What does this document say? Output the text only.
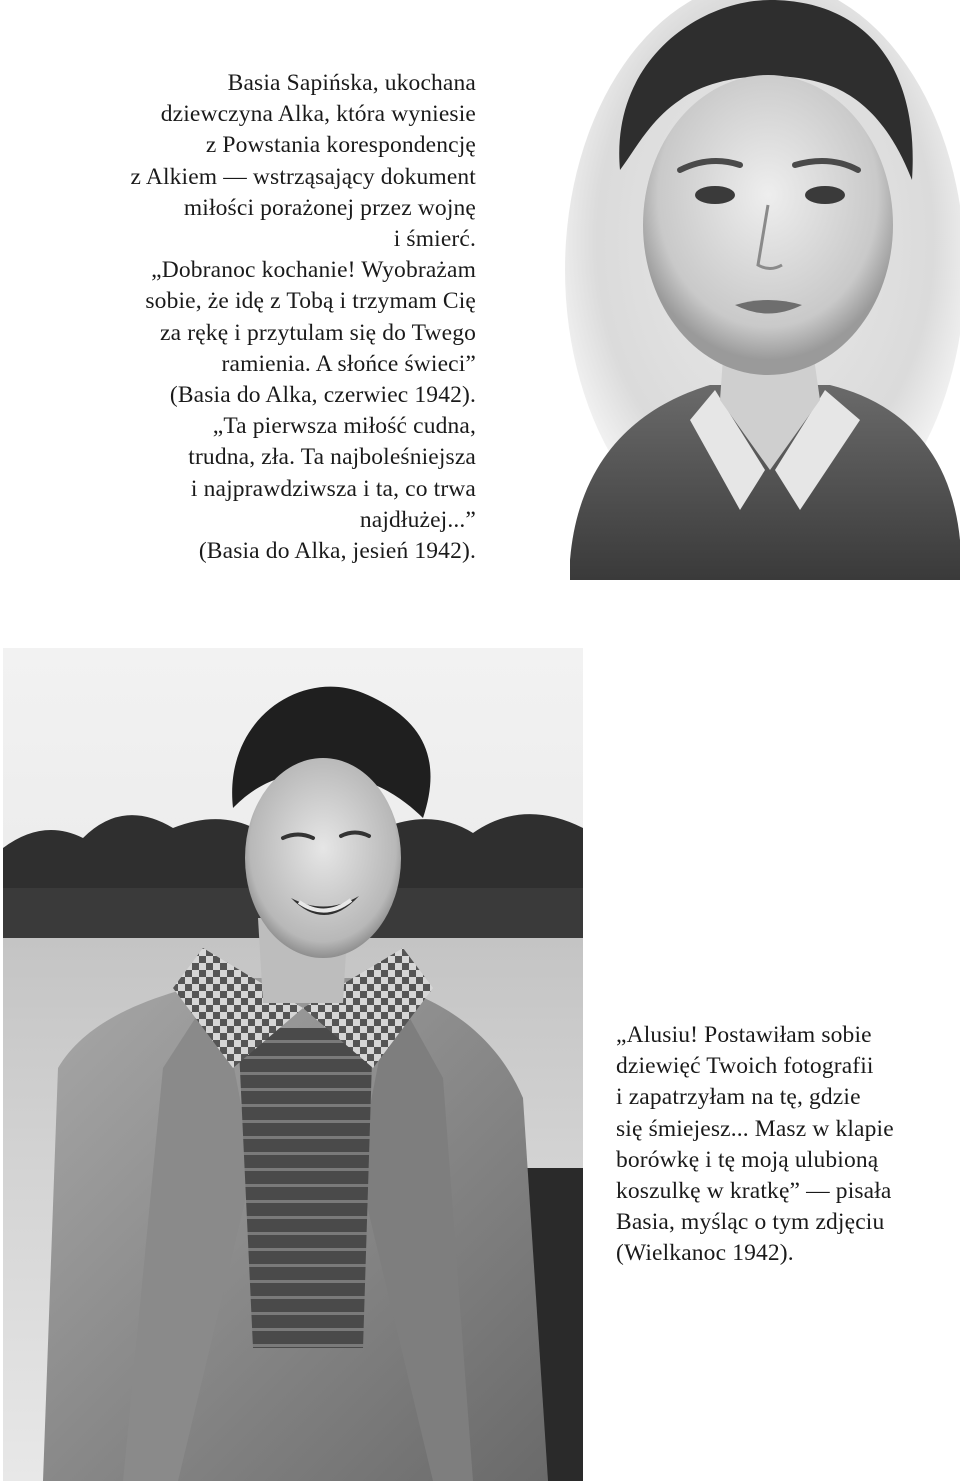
Basia Sapińska, ukochana
dziewczyna Alka, która wyniesie
z Powstania korespondencję
z Alkiem — wstrząsający dokument
miłości porażonej przez wojnę
i śmierć.
„Dobranoc kochanie! Wyobrażam
sobie, że idę z Tobą i trzymam Cię
za rękę i przytulam się do Twego
ramienia. A słońce świeci”
(Basia do Alka, czerwiec 1942).
„Ta pierwsza miłość cudna,
trudna, zła. Ta najboleśniejsza
i najprawdziwsza i ta, co trwa
najdłużej...”
(Basia do Alka, jesień 1942).
„Alusiu! Postawiłam sobie
dziewięć Twoich fotografii
i zapatrzyłam na tę, gdzie
się śmiejesz... Masz w klapie
borówkę i tę moją ulubioną
koszulkę w kratkę” — pisała
Basia, myśląc o tym zdjęciu
(Wielkanoc 1942).
